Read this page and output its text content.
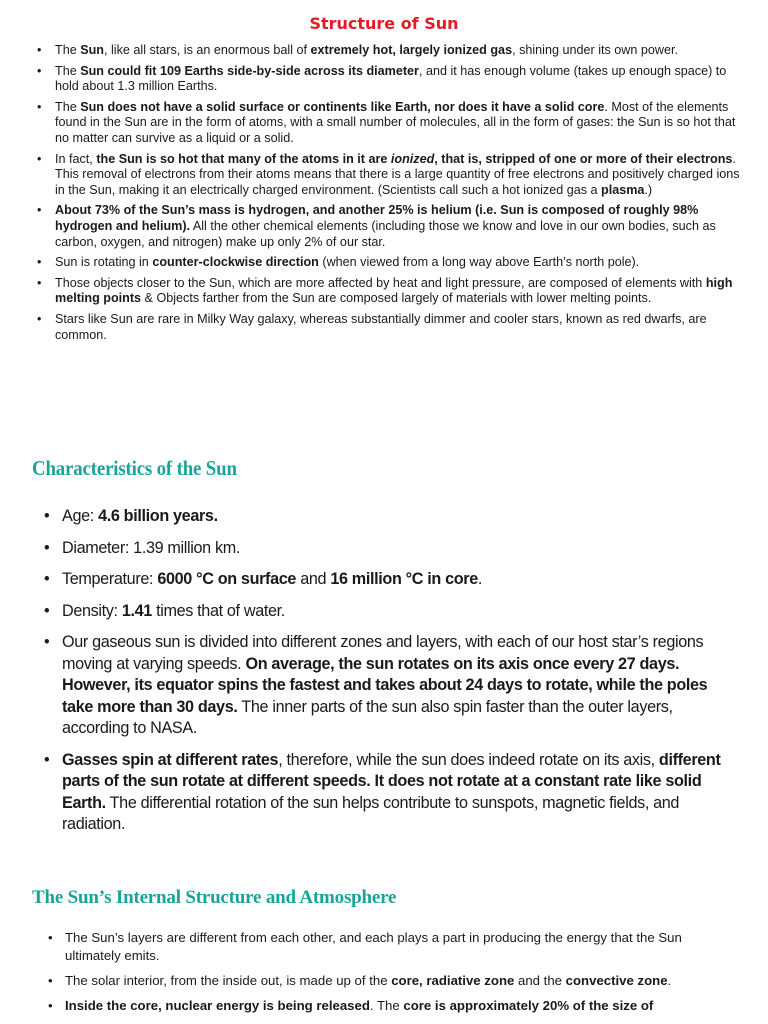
Structure of Sun
• The Sun, like all stars, is an enormous ball of extremely hot, largely ionized gas, shining under its own power.
• The Sun could fit 109 Earths side-by-side across its diameter, and it has enough volume (takes up enough space) to hold about 1.3 million Earths.
• The Sun does not have a solid surface or continents like Earth, nor does it have a solid core. Most of the elements found in the Sun are in the form of atoms, with a small number of molecules, all in the form of gases: the Sun is so hot that no matter can survive as a liquid or a solid.
• In fact, the Sun is so hot that many of the atoms in it are ionized, that is, stripped of one or more of their electrons. This removal of electrons from their atoms means that there is a large quantity of free electrons and positively charged ions in the Sun, making it an electrically charged environment. (Scientists call such a hot ionized gas a plasma.)
• About 73% of the Sun’s mass is hydrogen, and another 25% is helium (i.e. Sun is composed of roughly 98% hydrogen and helium). All the other chemical elements (including those we know and love in our own bodies, such as carbon, oxygen, and nitrogen) make up only 2% of our star.
• Sun is rotating in counter-clockwise direction (when viewed from a long way above Earth’s north pole).
• Those objects closer to the Sun, which are more affected by heat and light pressure, are composed of elements with high melting points & Objects farther from the Sun are composed largely of materials with lower melting points.
• Stars like Sun are rare in Milky Way galaxy, whereas substantially dimmer and cooler stars, known as red dwarfs, are common.
Characteristics of the Sun
• Age: 4.6 billion years.
• Diameter: 1.39 million km.
• Temperature: 6000 °C on surface and 16 million °C in core.
• Density: 1.41 times that of water.
• Our gaseous sun is divided into different zones and layers, with each of our host star’s regions moving at varying speeds. On average, the sun rotates on its axis once every 27 days. However, its equator spins the fastest and takes about 24 days to rotate, while the poles take more than 30 days. The inner parts of the sun also spin faster than the outer layers, according to NASA.
• Gasses spin at different rates, therefore, while the sun does indeed rotate on its axis, different parts of the sun rotate at different speeds. It does not rotate at a constant rate like solid Earth. The differential rotation of the sun helps contribute to sunspots, magnetic fields, and radiation.
The Sun’s Internal Structure and Atmosphere
• The Sun’s layers are different from each other, and each plays a part in producing the energy that the Sun ultimately emits.
• The solar interior, from the inside out, is made up of the core, radiative zone and the convective zone.
• Inside the core, nuclear energy is being released. The core is approximately 20% of the size of
